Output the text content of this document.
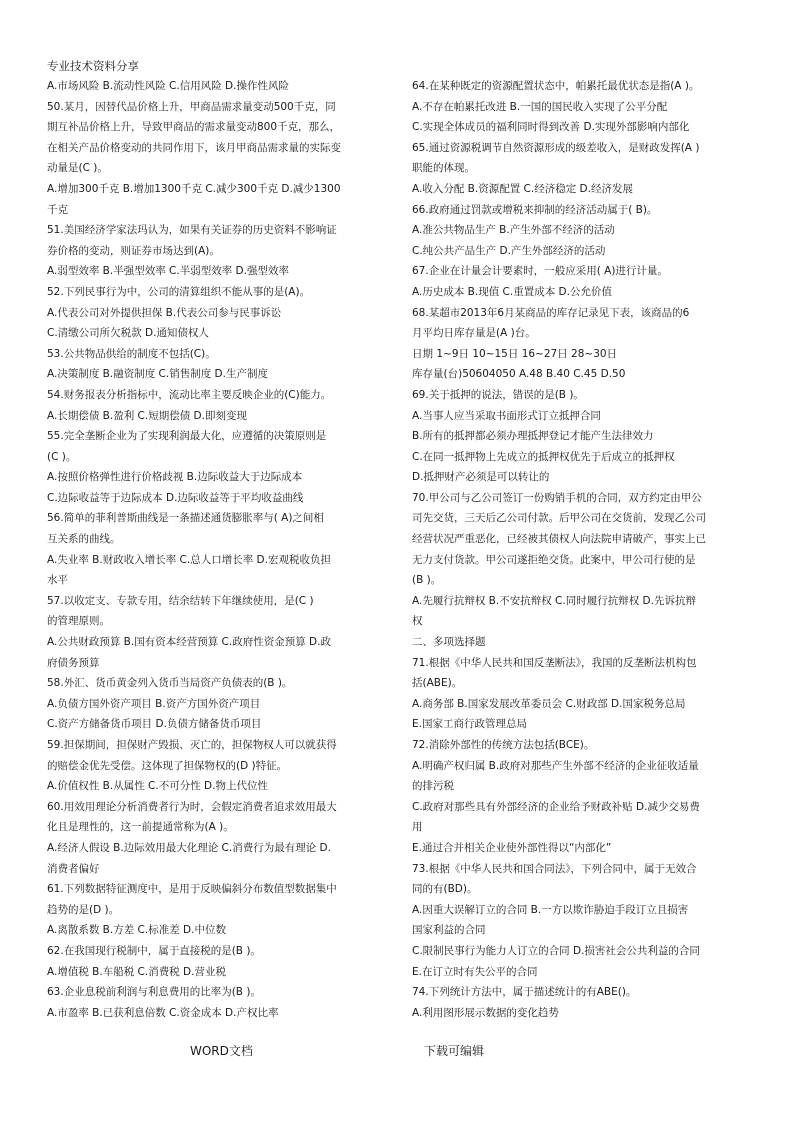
专业技术资料分享
A.市场风险 B.流动性风险 C.信用风险 D.操作性风险
50.某月，因替代品价格上升，甲商品需求量变动500千克，同
期互补品价格上升，导致甲商品的需求量变动800千克，那么，
在相关产品价格变动的共同作用下，该月甲商品需求量的实际变
动量是(C )。
A.增加300千克 B.增加1300千克 C.减少300千克 D.减少1300
千克
51.美国经济学家法玛认为，如果有关证券的历史资料不影响证
券价格的变动，则证券市场达到(A)。
A.弱型效率 B.半强型效率 C.半弱型效率 D.强型效率
52.下列民事行为中，公司的清算组织不能从事的是(A)。
A.代表公司对外提供担保 B.代表公司参与民事诉讼
C.清缴公司所欠税款 D.通知债权人
53.公共物品供给的制度不包括(C)。
A.决策制度 B.融资制度 C.销售制度 D.生产制度
54.财务报表分析指标中，流动比率主要反映企业的(C)能力。
A.长期偿债 B.盈利 C.短期偿债 D.即刻变现
55.完全垄断企业为了实现利润最大化，应遵循的决策原则是
(C )。
A.按照价格弹性进行价格歧视 B.边际收益大于边际成本
C.边际收益等于边际成本 D.边际收益等于平均收益曲线
56.简单的菲利普斯曲线是一条描述通货膨胀率与( A)之间相
互关系的曲线。
A.失业率 B.财政收入增长率 C.总人口增长率 D.宏观税收负担
水平
57.以收定支、专款专用，结余结转下年继续使用，是(C )
的管理原则。
A.公共财政预算 B.国有资本经营预算 C.政府性资金预算 D.政
府债务预算
58.外汇、货币黄金列入货币当局资产负债表的(B )。
A.负债方国外资产项目 B.资产方国外资产项目
C.资产方储备货币项目 D.负债方储备货币项目
59.担保期间，担保财产毁损、灭亡的，担保物权人可以就获得
的赔偿金优先受偿。这体现了担保物权的(D )特征。
A.价值权性 B.从属性 C.不可分性 D.物上代位性
60.用效用理论分析消费者行为时，会假定消费者追求效用最大
化且是理性的，这一前提通常称为(A )。
A.经济人假设 B.边际效用最大化理论 C.消费行为最有理论 D.
消费者偏好
61.下列数据特征测度中，是用于反映偏斜分布数值型数据集中
趋势的是(D )。
A.离散系数 B.方差 C.标准差 D.中位数
62.在我国现行税制中，属于直接税的是(B )。
A.增值税 B.车船税 C.消费税 D.营业税
63.企业息税前利润与利息费用的比率为(B )。
A.市盈率 B.已获利息倍数 C.资金成本 D.产权比率
64.在某种既定的资源配置状态中，帕累托最优状态是指(A )。
A.不存在帕累托改进 B.一国的国民收入实现了公平分配
C.实现全体成员的福利同时得到改善 D.实现外部影响内部化
65.通过资源税调节自然资源形成的级差收入，是财政发挥(A )
职能的体现。
A.收入分配 B.资源配置 C.经济稳定 D.经济发展
66.政府通过罚款或增税来抑制的经济活动属于( B)。
A.准公共物品生产 B.产生外部不经济的活动
C.纯公共产品生产 D.产生外部经济的活动
67.企业在计量会计要素时，一般应采用( A)进行计量。
A.历史成本 B.现值 C.重置成本 D.公允价值
68.某超市2013年6月某商品的库存记录见下表，该商品的6
月平均日库存量是(A )台。
日期 1~9日 10~15日 16~27日 28~30日
库存量(台)50604050 A.48 B.40 C.45 D.50
69.关于抵押的说法，错误的是(B )。
A.当事人应当采取书面形式订立抵押合同
B.所有的抵押都必须办理抵押登记才能产生法律效力
C.在同一抵押物上先成立的抵押权优先于后成立的抵押权
D.抵押财产必须是可以转让的
70.甲公司与乙公司签订一份购销手机的合同，双方约定由甲公
司先交货，三天后乙公司付款。后甲公司在交货前，发现乙公司
经营状况严重恶化，已经被其债权人向法院申请破产，事实上已
无力支付货款。甲公司遂拒绝交货。此案中，甲公司行使的是
(B )。
A.先履行抗辩权 B.不安抗辩权 C.同时履行抗辩权 D.先诉抗辩
权
二、多项选择题
71.根据《中华人民共和国反垄断法》，我国的反垄断法机构包
括(ABE)。
A.商务部 B.国家发展改革委员会 C.财政部 D.国家税务总局
E.国家工商行政管理总局
72.消除外部性的传统方法包括(BCE)。
A.明确产权归属 B.政府对那些产生外部不经济的企业征收适量
的排污税
C.政府对那些具有外部经济的企业给予财政补贴 D.减少交易费
用
E.通过合并相关企业使外部性得以“内部化”
73.根据《中华人民共和国合同法》，下列合同中，属于无效合
同的有(BD)。
A.因重大误解订立的合同 B.一方以欺诈胁迫手段订立且损害
国家利益的合同
C.限制民事行为能力人订立的合同 D.损害社会公共利益的合同
E.在订立时有失公平的合同
74.下列统计方法中，属于描述统计的有ABE()。
A.利用图形展示数据的变化趋势
WORD文档	下载可编辑
